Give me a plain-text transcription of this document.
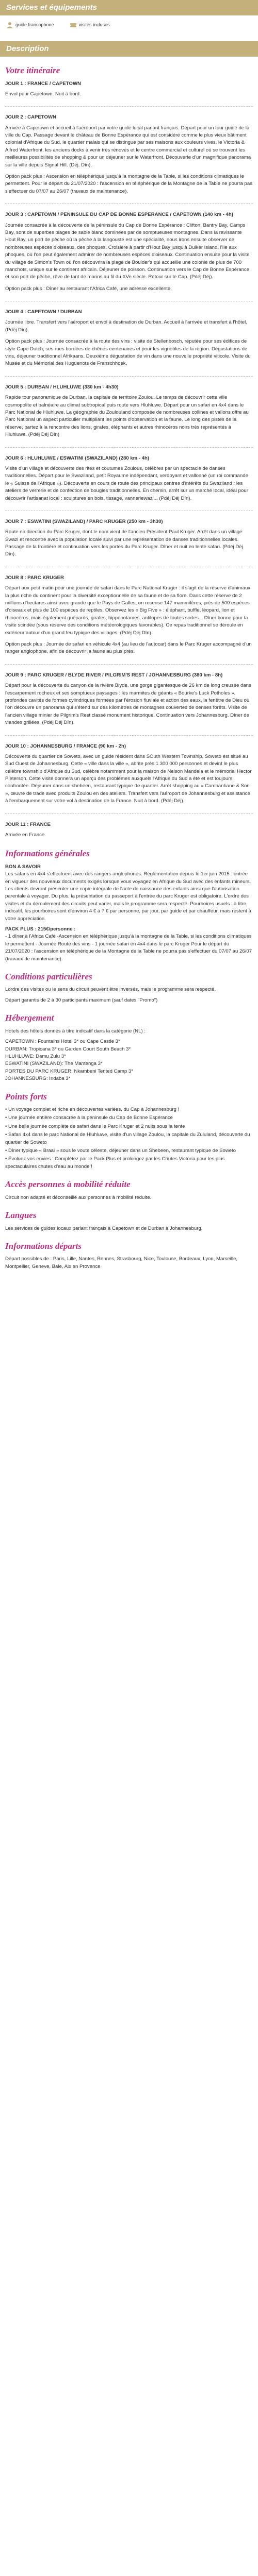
Services et équipements
guide francophone	visites incluses
Description
Votre itinéraire
JOUR 1 : FRANCE / CAPETOWN

Envol pour Capetown. Nuit à bord.

JOUR 2 : CAPETOWN

Arrivée à Capetown et accueil à l'aéroport par votre guide local parlant français. Départ pour un tour guidé de la ville du Cap. Passage devant le château de Bonne Espérance qui est considéré comme le plus vieux bâtiment colonial d'Afrique du Sud, le quartier malais qui se distingue par ses maisons aux couleurs vives, le Victoria & Alfred Waterfront, les anciens docks à venir très rénovés et le centre commercial et culturel où se trouvent les meilleures possibilités de shopping & pour un déjeuner sur le Waterfront. Découverte d'un magnifique panorama sur la ville depuis Signal Hill. (Déj. Dîn).

Option pack plus : Ascension en téléphérique jusqu'à la montagne de la Table, si les conditions climatiques le permettent. Pour le départ du 21/07/2020 : l'ascension en téléphérique de la Montagne de la Table ne pourra pas s'effectuer du 07/07 au 26/07 (travaux de maintenance).

JOUR 3 : CAPETOWN / PENINSULE DU CAP DE BONNE ESPERANCE / CAPETOWN (140 km - 4h)

Journée consacrée à la découverte de la péninsule du Cap de Bonne Espérance : Clifton, Bantry Bay, Camps Bay, sont de superbes plages de sable blanc dominées par de somptueuses montagnes. Dans la ravissante Hout Bay, un port de pêche où la pêche à la langouste est une spécialité, nous irons ensuite observer de nombreuses espèces d'oiseaux, des phoques. Croisière à partir d'Hout Bay jusqu'à Duiker Island, l'île aux phoques, où l'on peut également admirer de nombreuses espèces d'oiseaux. Continuation ensuite pour la visite du village de Simon's Town où l'on découvrira la plage de Boulder's qui accueille une colonie de plus de 700 manchots, unique sur le continent africain. Déjeuner de poisson. Continuation vers le Cap de Bonne Espérance et son port de pêche, rêve de tant de marins au fil du XVe siècle. Retour sur le Cap. (Pdéj Déj).

Option pack plus : Dîner au restaurant l'Africa Café, une adresse excellente.

JOUR 4 : CAPETOWN / DURBAN

Journée libre. Transfert vers l'aéroport et envol à destination de Durban. Accueil à l'arrivée et transfert à l'hôtel. (Pdéj Dîn).

Option pack plus : Journée consacrée à la route des vins : visite de Stellenbosch, réputée pour ses édifices de style Cape Dutch, ses rues bordées de chênes centenaires et pour les vignobles de la région. Dégustations de vins, déjeuner traditionnel Afrikaans. Deuxième dégustation de vin dans une nouvelle propriété viticole. Visite du Musée et du Mémorial des Huguenots de Franschhoek.

JOUR 5 : DURBAN / HLUHLUWE (330 km - 4h30)

Rapide tour panoramique de Durban, la capitale de territoire Zoulou. Le temps de découvrir cette ville cosmopolite et balnéaire au climat subtropical puis route vers Hluhluwe. Départ pour un safari en 4x4 dans le Parc National de Hluhluwe. La géographie du Zoulouland composée de nombreuses collines et vallons offre au Parc National un aspect particulier multipliant les points d'observation et la faune. Le long des pistes de la réserve, partez à la rencontre des lions, girafes, éléphants et autres rhinocéros noirs très représentés à Hluhluwe. (Pdéj Déj Dîn)

JOUR 6 : HLUHLUWE / ESWATINI (SWAZILAND) (280 km - 4h)

Visite d'un village et découverte des rites et coutumes Zoulous, célèbres par un spectacle de danses traditionnelles. Départ pour le Swaziland, petit Royaume indépendant, verdoyant et vallonné (un roi commande le « Suisse de l'Afrique »). Découverte en cours de route des principaux centres d'intérêts du Swaziland : les ateliers de verrerie et de confection de bougies traditionnelles. En chemin, arrêt sur un marché local, idéal pour découvrir l'artisanat local : sculptures en bois, tissage, vanneriewazi... (Pdéj Déj Dîn).

JOUR 7 : ESWATINI (SWAZILAND) / PARC KRUGER (250 km - 3h30)

Route en direction du Parc Kruger, dont le nom vient de l'ancien Président Paul Kruger. Arrêt dans un village Swazi et rencontre avec la population locale suivi par une représentation de danses traditionnelles locales. Passage de la frontière et continuation vers les portes du Parc Kruger. Dîner et nuit en lente safari. (Pdéj Déj Dîn).

JOUR 8 : PARC KRUGER

Départ aux petit matin pour une journée de safari dans le Parc National Kruger : il s'agit de la réserve d'animaux la plus riche du continent pour la diversité exceptionnelle de sa faune et de sa flore. Dans cette réserve de 2 millions d'hectares ainsi avec grande que le Pays de Galles, on recense 147 mammifères, près de 500 espèces d'oiseaux et plus de 100 espèces de reptiles. Observez les « Big Five » : éléphant, buffle, léopard, lion et rhinocéros, mais également guépards, girafes, hippopotames, antilopes de toutes sortes... Dîner bonne pour la visite scindée (sous réserve des conditions météorologiques favorables). Ce repas traditionnel se déroule en extérieur autour d'un grand feu typique des villages. (Pdéj Déj Dîn).

Option pack plus : Journée de safari en véhicule 4x4 (au lieu de l'autocar) dans le Parc Kruger accompagné d'un ranger anglophone, afin de découvrir la faune au plus près.

JOUR 9 : PARC KRUGER / BLYDE RIVER / PILGRIM'S REST / JOHANNESBURG (380 km - 8h)

Départ pour la découverte du canyon de la rivière Blyde, une gorge gigantesque de 26 km de long creusée dans l'escarpement rocheux et ses somptueux paysages : les marmites de géants « Bourke's Luck Potholes », profondes cavités de formes cylindriques formées par l'érosion fluviale et action des eaux, la fenêtre de Dieu où l'on découvre un panorama qui s'étend sur des kilomètres de montagnes couvertes de denses forêts. Visite de l'ancien village minier de Pilgrim's Rest classé monument historique. Continuation vers Johannesburg. Dîner de viandes grillées. (Pdéj Déj Dîn).

JOUR 10 : JOHANNESBURG / FRANCE (90 km - 2h)

Découverte du quartier de Soweto, avec un guide résident dans SOuth Western Township, Soweto est situé au Sud Ouest de Johannesburg. Cette « ville dans la ville », abrite près 1 300 000 personnes et devint le plus célèbre township d'Afrique du Sud, célèbre notamment pour la maison de Nelson Mandela et le mémorial Hector Pieterson. Cette visite donnera un aperçu des problèmes auxquels l'Afrique du Sud a été et est toujours confrontée. Déjeuner dans un shebeen, restaurant typique de quartier. Arrêt shopping au « Cambanbane & Son », œuvre de trade avec produits Zoulou en des ateliers. Transfert vers l'aéroport de Johannesburg et assistance à l'embarquement sur votre vol à destination de la France. Nuit à bord. (Pdéj Déj).

JOUR 11 : FRANCE

Arrivée en France.

Informations générales

BON A SAVOIR
Les safaris en 4x4 s'effectuent avec des rangers anglophones. Réglementation depuis le 1er juin 2015 : entrée en vigueur des nouveaux documents exigés lorsque vous voyagez en Afrique du Sud avec des enfants mineurs. Les clients devront présenter une copie intégrale de l'acte de naissance des enfants ainsi que l'autorisation parentale à voyager. Du plus, la présentation du passeport à l'entrée du parc Kruger est obligatoire. L'ordre des visites et du déroulement des circuits peut varier, mais le programme sera respecté. Pourboires usuels : à titre indicatif, les pourboires sont d'environ 4 € à 7 € par personne, par jour, par guide et par chauffeur, mais restent à votre appréciation.

PACK PLUS : 215€/personne :
- 1 dîner à l'Africa Café -Ascension en téléphérique jusqu'à la montagne de la Table, si les conditions climatiques le permettent - Journée Route des vins - 1 journée safari en 4x4 dans le parc Kruger Pour le départ du 21/07/2020 : l'ascension en téléphérique de la Montagne de la Table ne pourra pas s'effectuer du 07/07 au 26/07 (travaux de maintenance).

Conditions particulières

Lordre des visites ou le sens du circuit peuvent être inversés, mais le programme sera respecté.

Départ garantis de 2 à 30 participants maximum (sauf dates "Promo")

Hébergement

Hotels des hôtels donnés à titre indicatif dans la catégorie (NL) :

CAPETOWN : Fountains Hotel 3* ou Cape Castle 3*
DURBAN: Tropicana 3* ou Garden Court South Beach 3*
HLUHLUWE: Damu Zulu 3*
ESWATINI (SWAZILAND): The Mantenga 3*
PORTES DU PARC KRUGER: Nkambeni Tented Camp 3*
JOHANNESBURG: Indaba 3*
Points forts
• Un voyage complet et riche en découvertes variées, du Cap à Johannesburg !
• Une journée entière consacrée à la péninsule du Cap de Bonne Espérance
• Une belle journée complète de safari dans le Parc Kruger et 2 nuits sous la tente
• Safari 4x4 dans le parc National de Hluhluwe, visite d'un village Zoulou, la capitale du Zululand, découverte du quartier de Soweto
• Dîner typique « Braai » sous le voute céleste, déjeuner dans un Shebeen, restaurant typique de Soweto
• Évoluez vos envies : Complétez par le Pack Plus et prolongez par les Chutes Victoria pour les plus spectaculaires chutes d'eau au monde !
Accès personnes à mobilité réduite

Circuit non adapté et déconseillé aux personnes à mobilité réduite.

Langues

Les services de guides locaux parlant français à Capetown et de Durban à Johannesburg.

Informations départs

Départ possibles de : Paris, Lille, Nantes, Rennes, Strasbourg, Nice, Toulouse, Bordeaux, Lyon, Marseille, Montpellier, Geneve, Bale, Aix en Provence
